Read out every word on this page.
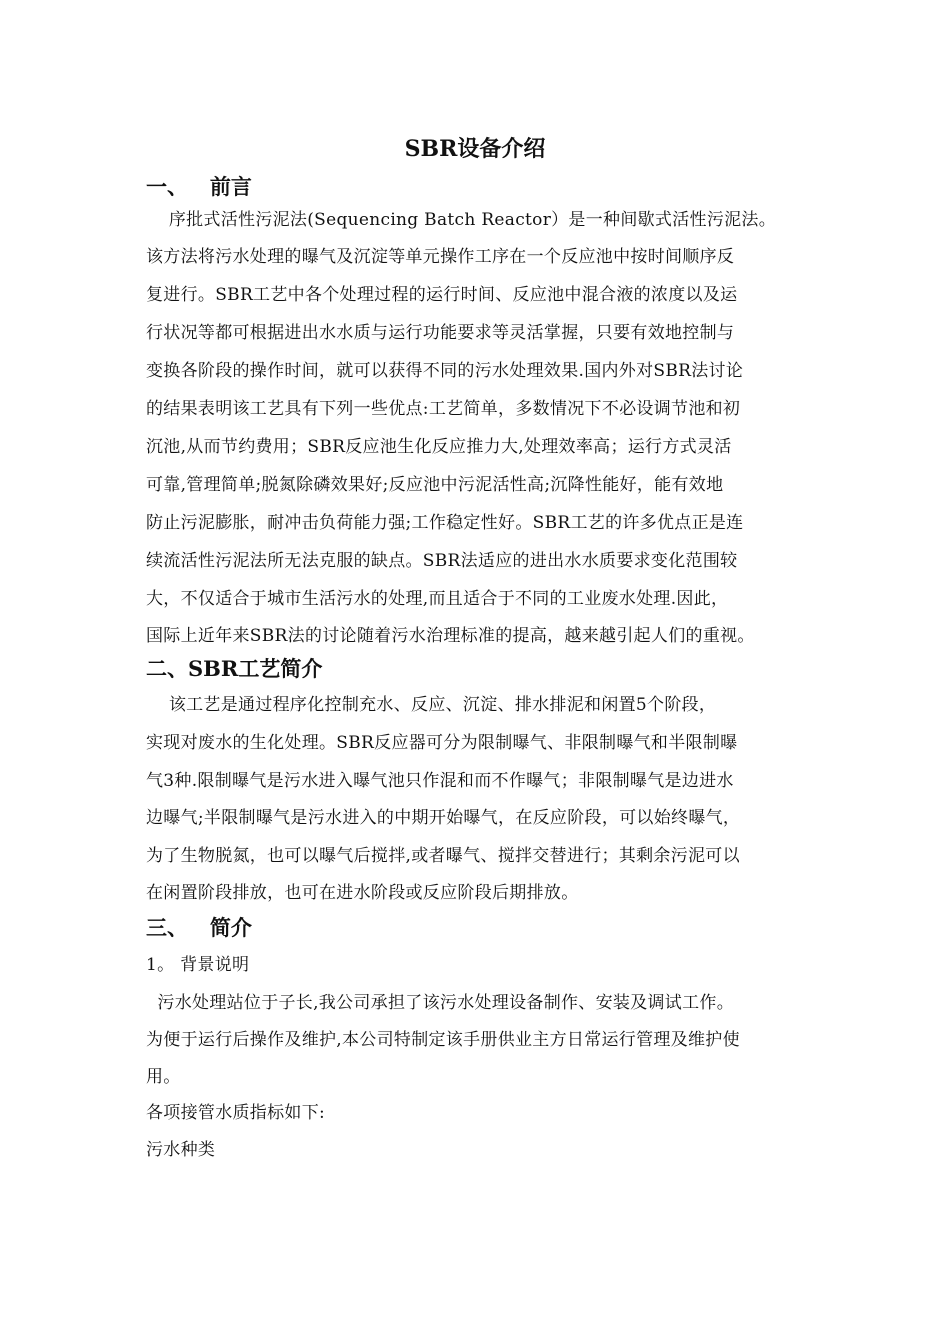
SBR设备介绍
一、   前言
序批式活性污泥法(Sequencing Batch Reactor）是一种间歇式活性污泥法。
该方法将污水处理的曝气及沉淀等单元操作工序在一个反应池中按时间顺序反
复进行。SBR工艺中各个处理过程的运行时间、反应池中混合液的浓度以及运
行状况等都可根据进出水水质与运行功能要求等灵活掌握，只要有效地控制与
变换各阶段的操作时间，就可以获得不同的污水处理效果.国内外对SBR法讨论
的结果表明该工艺具有下列一些优点:工艺简单，多数情况下不必设调节池和初
沉池,从而节约费用；SBR反应池生化反应推力大,处理效率高；运行方式灵活
可靠,管理简单;脱氮除磷效果好;反应池中污泥活性高;沉降性能好，能有效地
防止污泥膨胀，耐冲击负荷能力强;工作稳定性好。SBR工艺的许多优点正是连
续流活性污泥法所无法克服的缺点。SBR法适应的进出水水质要求变化范围较
大，不仅适合于城市生活污水的处理,而且适合于不同的工业废水处理.因此，
国际上近年来SBR法的讨论随着污水治理标准的提高，越来越引起人们的重视。
二、SBR工艺简介
该工艺是通过程序化控制充水、反应、沉淀、排水排泥和闲置5个阶段，
实现对废水的生化处理。SBR反应器可分为限制曝气、非限制曝气和半限制曝
气3种.限制曝气是污水进入曝气池只作混和而不作曝气；非限制曝气是边进水
边曝气;半限制曝气是污水进入的中期开始曝气，在反应阶段，可以始终曝气，
为了生物脱氮，也可以曝气后搅拌,或者曝气、搅拌交替进行；其剩余污泥可以
在闲置阶段排放，也可在进水阶段或反应阶段后期排放。
三、   简介
1。 背景说明
污水处理站位于子长,我公司承担了该污水处理设备制作、安装及调试工作。
为便于运行后操作及维护,本公司特制定该手册供业主方日常运行管理及维护使
用。
各项接管水质指标如下:
污水种类
